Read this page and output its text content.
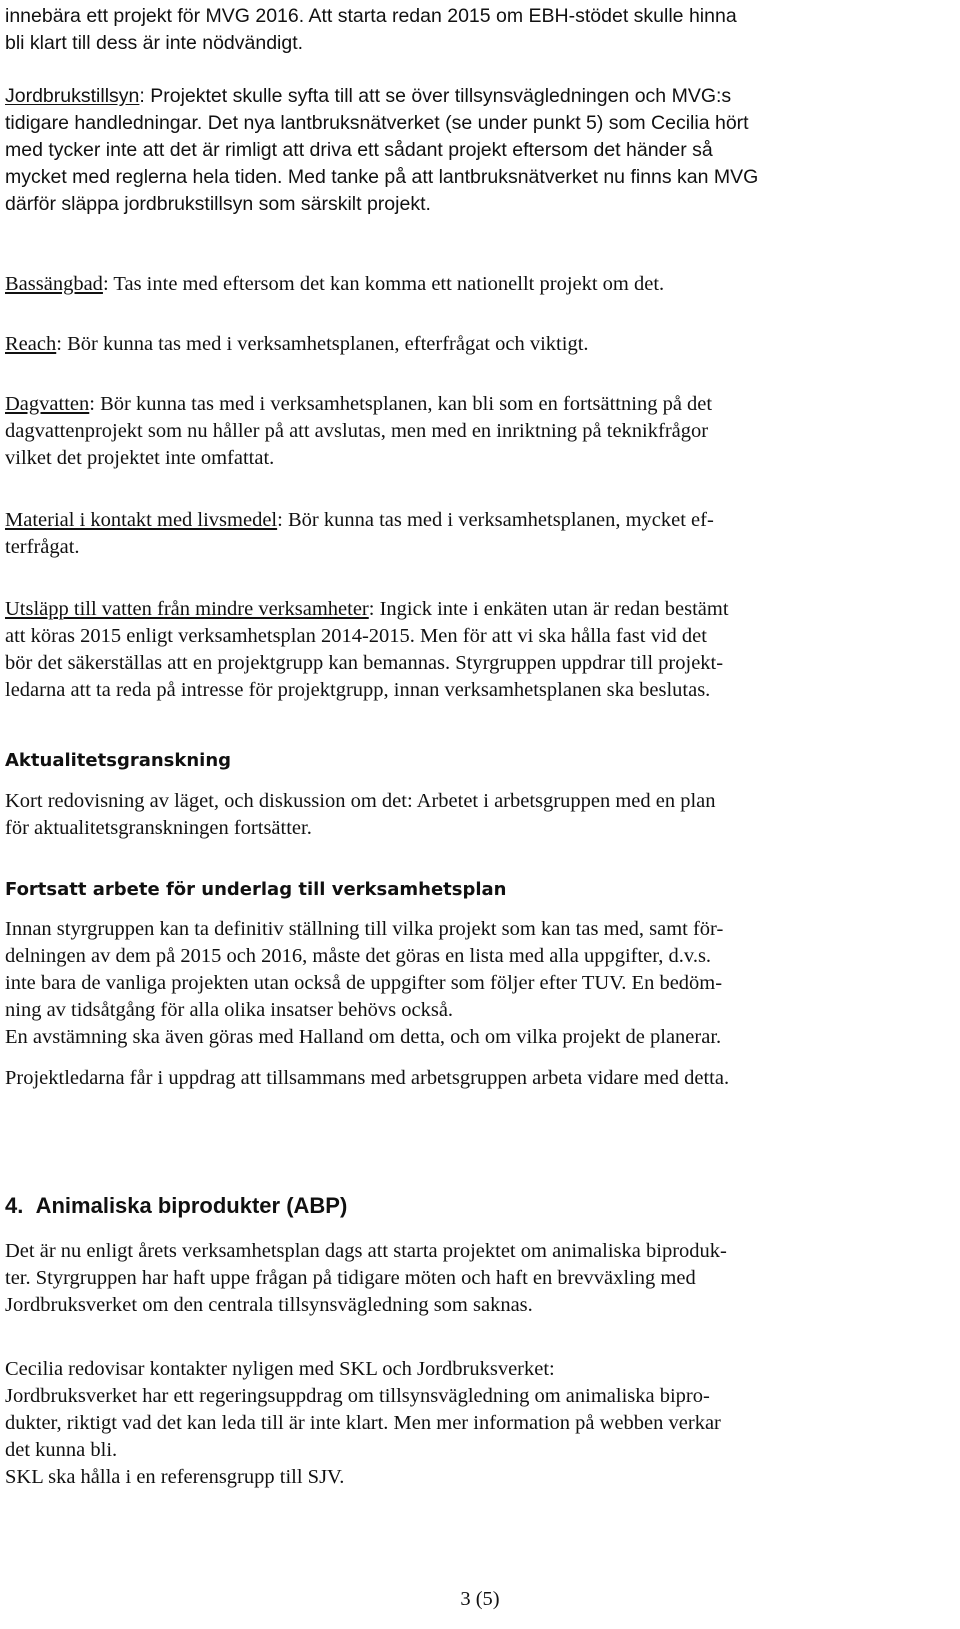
innebära ett projekt för MVG 2016. Att starta redan 2015 om EBH-stödet skulle hinna
bli klart till dess är inte nödvändigt.

Jordbrukstillsyn: Projektet skulle syfta till att se över tillsynsvägledningen och MVG:s
tidigare handledningar. Det nya lantbruksnätverket (se under punkt 5) som Cecilia hört
med tycker inte att det är rimligt att driva ett sådant projekt eftersom det händer så
mycket med reglerna hela tiden. Med tanke på att lantbruksnätverket nu finns kan MVG
därför släppa jordbrukstillsyn som särskilt projekt.

Bassängbad: Tas inte med eftersom det kan komma ett nationellt projekt om det.

Reach: Bör kunna tas med i verksamhetsplanen, efterfrågat och viktigt.

Dagvatten: Bör kunna tas med i verksamhetsplanen, kan bli som en fortsättning på det
dagvattenprojekt som nu håller på att avslutas, men med en inriktning på teknikfrågor
vilket det projektet inte omfattat.

Material i kontakt med livsmedel: Bör kunna tas med i verksamhetsplanen, mycket ef-
terfrågat.

Utsläpp till vatten från mindre verksamheter: Ingick inte i enkäten utan är redan bestämt
att köras 2015 enligt verksamhetsplan 2014-2015. Men för att vi ska hålla fast vid det
bör det säkerställas att en projektgrupp kan bemannas. Styrgruppen uppdrar till projekt-
ledarna att ta reda på intresse för projektgrupp, innan verksamhetsplanen ska beslutas.

Aktualitetsgranskning

Kort redovisning av läget, och diskussion om det: Arbetet i arbetsgruppen med en plan
för aktualitetsgranskningen fortsätter.

Fortsatt arbete för underlag till verksamhetsplan

Innan styrgruppen kan ta definitiv ställning till vilka projekt som kan tas med, samt för-
delningen av dem på 2015 och 2016, måste det göras en lista med alla uppgifter, d.v.s.
inte bara de vanliga projekten utan också de uppgifter som följer efter TUV. En bedöm-
ning av tidsåtgång för alla olika insatser behövs också.
En avstämning ska även göras med Halland om detta, och om vilka projekt de planerar.

Projektledarna får i uppdrag att tillsammans med arbetsgruppen arbeta vidare med detta.

4. Animaliska biprodukter (ABP)

Det är nu enligt årets verksamhetsplan dags att starta projektet om animaliska biproduk-
ter. Styrgruppen har haft uppe frågan på tidigare möten och haft en brevväxling med
Jordbruksverket om den centrala tillsynsvägledning som saknas.

Cecilia redovisar kontakter nyligen med SKL och Jordbruksverket:
Jordbruksverket har ett regeringsuppdrag om tillsynsvägledning om animaliska bipro-
dukter, riktigt vad det kan leda till är inte klart. Men mer information på webben verkar
det kunna bli.
SKL ska hålla i en referensgrupp till SJV.

3 (5)
